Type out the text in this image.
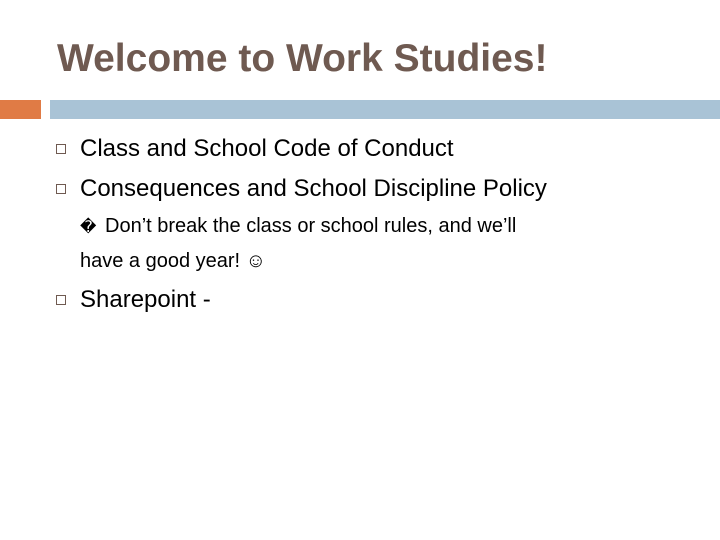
Welcome to Work Studies!
Class and School Code of Conduct
Consequences and School Discipline Policy
� Don’t break the class or school rules, and we’ll
have a good year! ☺
Sharepoint -
